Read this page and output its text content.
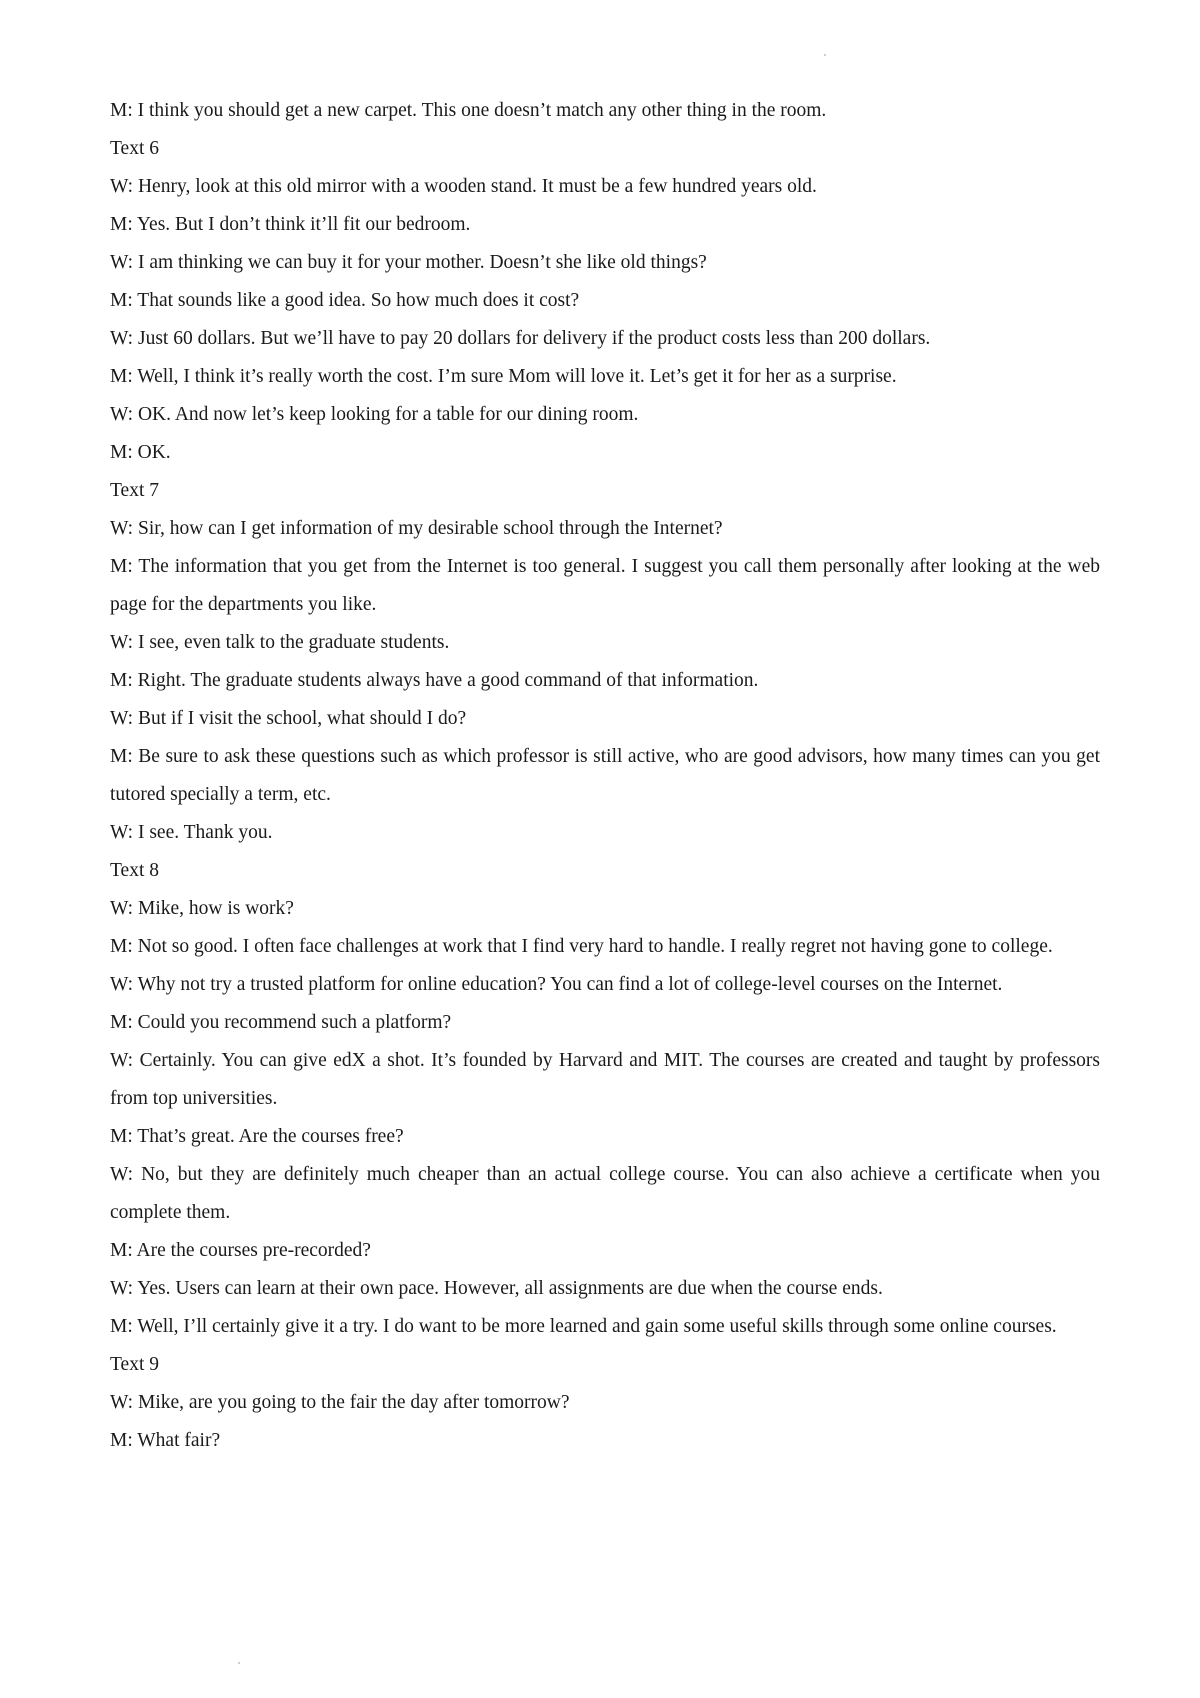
M: I think you should get a new carpet. This one doesn’t match any other thing in the room.

Text 6

W: Henry, look at this old mirror with a wooden stand. It must be a few hundred years old.

M: Yes. But I don’t think it’ll fit our bedroom.

W: I am thinking we can buy it for your mother. Doesn’t she like old things?

M: That sounds like a good idea. So how much does it cost?

W: Just 60 dollars. But we’ll have to pay 20 dollars for delivery if the product costs less than 200 dollars.

M: Well, I think it’s really worth the cost. I’m sure Mom will love it. Let’s get it for her as a surprise.

W: OK. And now let’s keep looking for a table for our dining room.

M: OK.

Text 7

W: Sir, how can I get information of my desirable school through the Internet?

M: The information that you get from the Internet is too general. I suggest you call them personally after looking at the web page for the departments you like.

W: I see, even talk to the graduate students.

M: Right. The graduate students always have a good command of that information.

W: But if I visit the school, what should I do?

M: Be sure to ask these questions such as which professor is still active, who are good advisors, how many times can you get tutored specially a term, etc.

W: I see. Thank you.

Text 8

W: Mike, how is work?

M: Not so good. I often face challenges at work that I find very hard to handle. I really regret not having gone to college.

W: Why not try a trusted platform for online education? You can find a lot of college-level courses on the Internet.

M: Could you recommend such a platform?

W: Certainly. You can give edX a shot. It’s founded by Harvard and MIT. The courses are created and taught by professors from top universities.

M: That’s great. Are the courses free?

W: No, but they are definitely much cheaper than an actual college course. You can also achieve a certificate when you complete them.

M: Are the courses pre-recorded?

W: Yes. Users can learn at their own pace. However, all assignments are due when the course ends.

M: Well, I’ll certainly give it a try. I do want to be more learned and gain some useful skills through some online courses.

Text 9

W: Mike, are you going to the fair the day after tomorrow?

M: What fair?
